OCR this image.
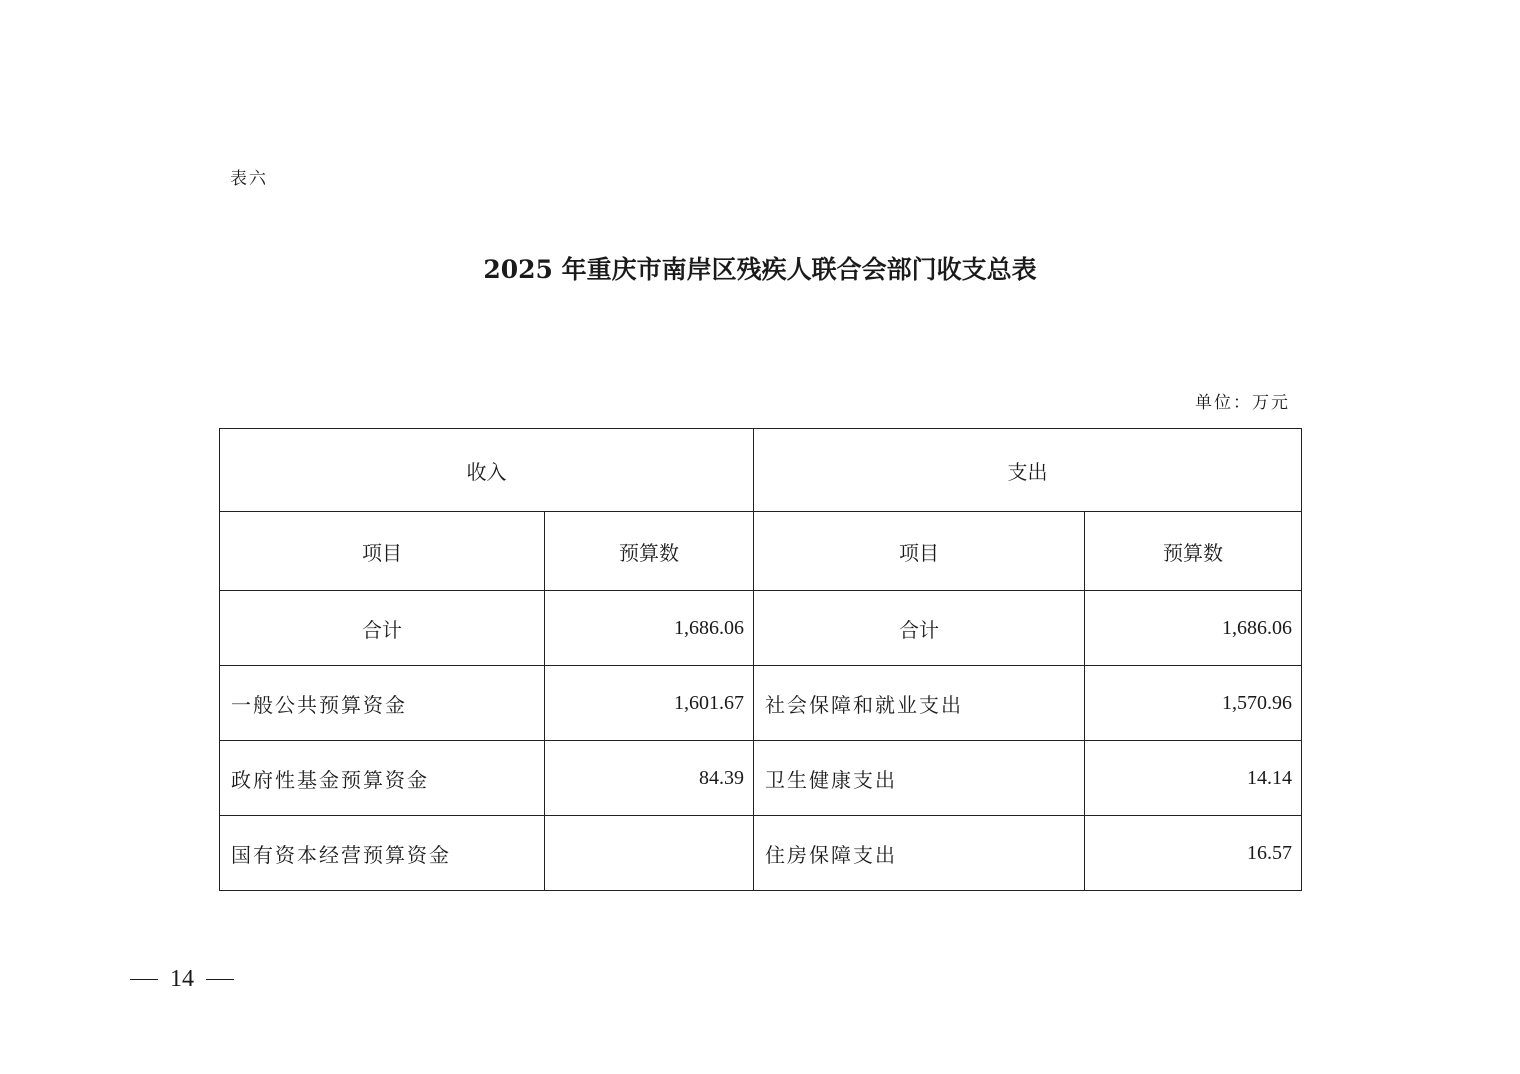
表六
2025 年重庆市南岸区残疾人联合会部门收支总表
单位：万元
收入		支出	
项目	预算数	项目	预算数
合计	1,686.06	合计	1,686.06
一般公共预算资金	1,601.67	社会保障和就业支出	1,570.96
政府性基金预算资金	84.39	卫生健康支出	14.14
国有资本经营预算资金		住房保障支出	16.57
14
